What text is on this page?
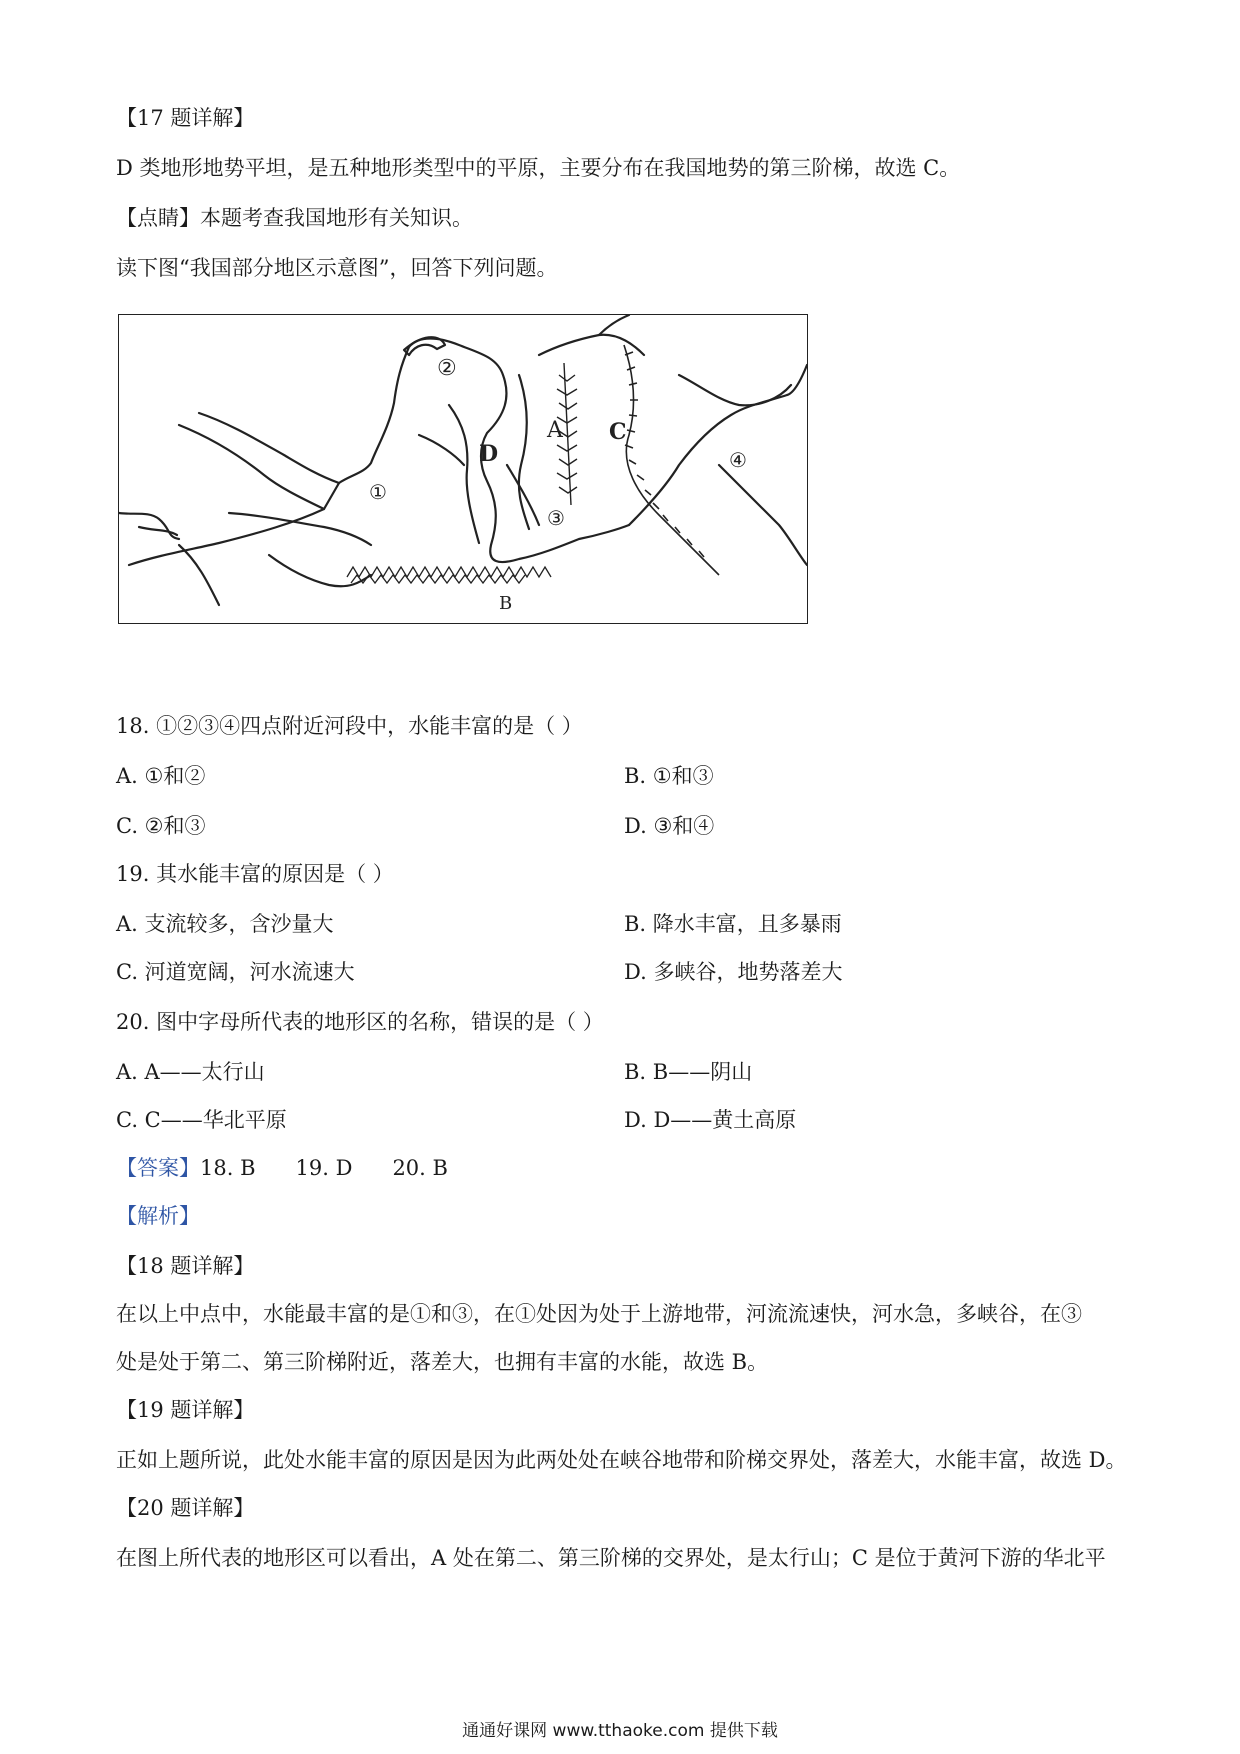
【17 题详解】
D 类地形地势平坦，是五种地形类型中的平原，主要分布在我国地势的第三阶梯，故选 C。
【点睛】本题考查我国地形有关知识。
读下图“我国部分地区示意图”，回答下列问题。
①
②
③
④
A
B
C
D
18. ①②③④四点附近河段中，水能丰富的是（ ）
A. ①和②	B. ①和③
C. ②和③	D. ③和④
19. 其水能丰富的原因是（ ）
A. 支流较多，含沙量大	B. 降水丰富，且多暴雨
C. 河道宽阔，河水流速大	D. 多峡谷，地势落差大
20. 图中字母所代表的地形区的名称，错误的是（ ）
A. A——太行山	B. B——阴山
C. C——华北平原	D. D——黄土高原
【答案】18. B 19. D 20. B
【解析】
【18 题详解】
在以上中点中，水能最丰富的是①和③，在①处因为处于上游地带，河流流速快，河水急，多峡谷，在③
处是处于第二、第三阶梯附近，落差大，也拥有丰富的水能，故选 B。
【19 题详解】
正如上题所说，此处水能丰富的原因是因为此两处处在峡谷地带和阶梯交界处，落差大，水能丰富，故选 D。
【20 题详解】
在图上所代表的地形区可以看出，A 处在第二、第三阶梯的交界处，是太行山；C 是位于黄河下游的华北平
通通好课网 www.tthaoke.com 提供下载
